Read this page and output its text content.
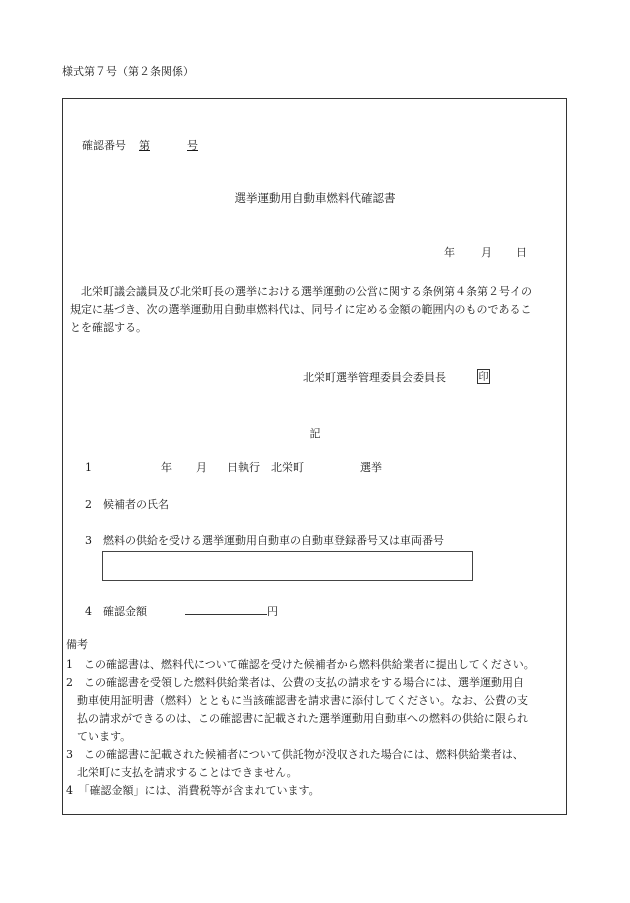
様式第７号（第２条関係）
確認番号 第	号
選挙運動用自動車燃料代確認書
年 月 日
　北栄町議会議員及び北栄町長の選挙における選挙運動の公営に関する条例第４条第２号イの
規定に基づき、次の選挙運動用自動車燃料代は、同号イに定める金額の範囲内のものであるこ
とを確認する。
北栄町選挙管理委員会委員長	印
記
1	年 月 日執行　北栄町	選挙
2 候補者の氏名
3 燃料の供給を受ける選挙運動用自動車の自動車登録番号又は車両番号
4 確認金額	円
備考
1　この確認書は、燃料代について確認を受けた候補者から燃料供給業者に提出してください。
2　この確認書を受領した燃料供給業者は、公費の支払の請求をする場合には、選挙運動用自
　動車使用証明書（燃料）とともに当該確認書を請求書に添付してください。なお、公費の支
　払の請求ができるのは、この確認書に記載された選挙運動用自動車への燃料の供給に限られ
　ています。
3　この確認書に記載された候補者について供託物が没収された場合には、燃料供給業者は、
　北栄町に支払を請求することはできません。
4　「確認金額」には、消費税等が含まれています。
